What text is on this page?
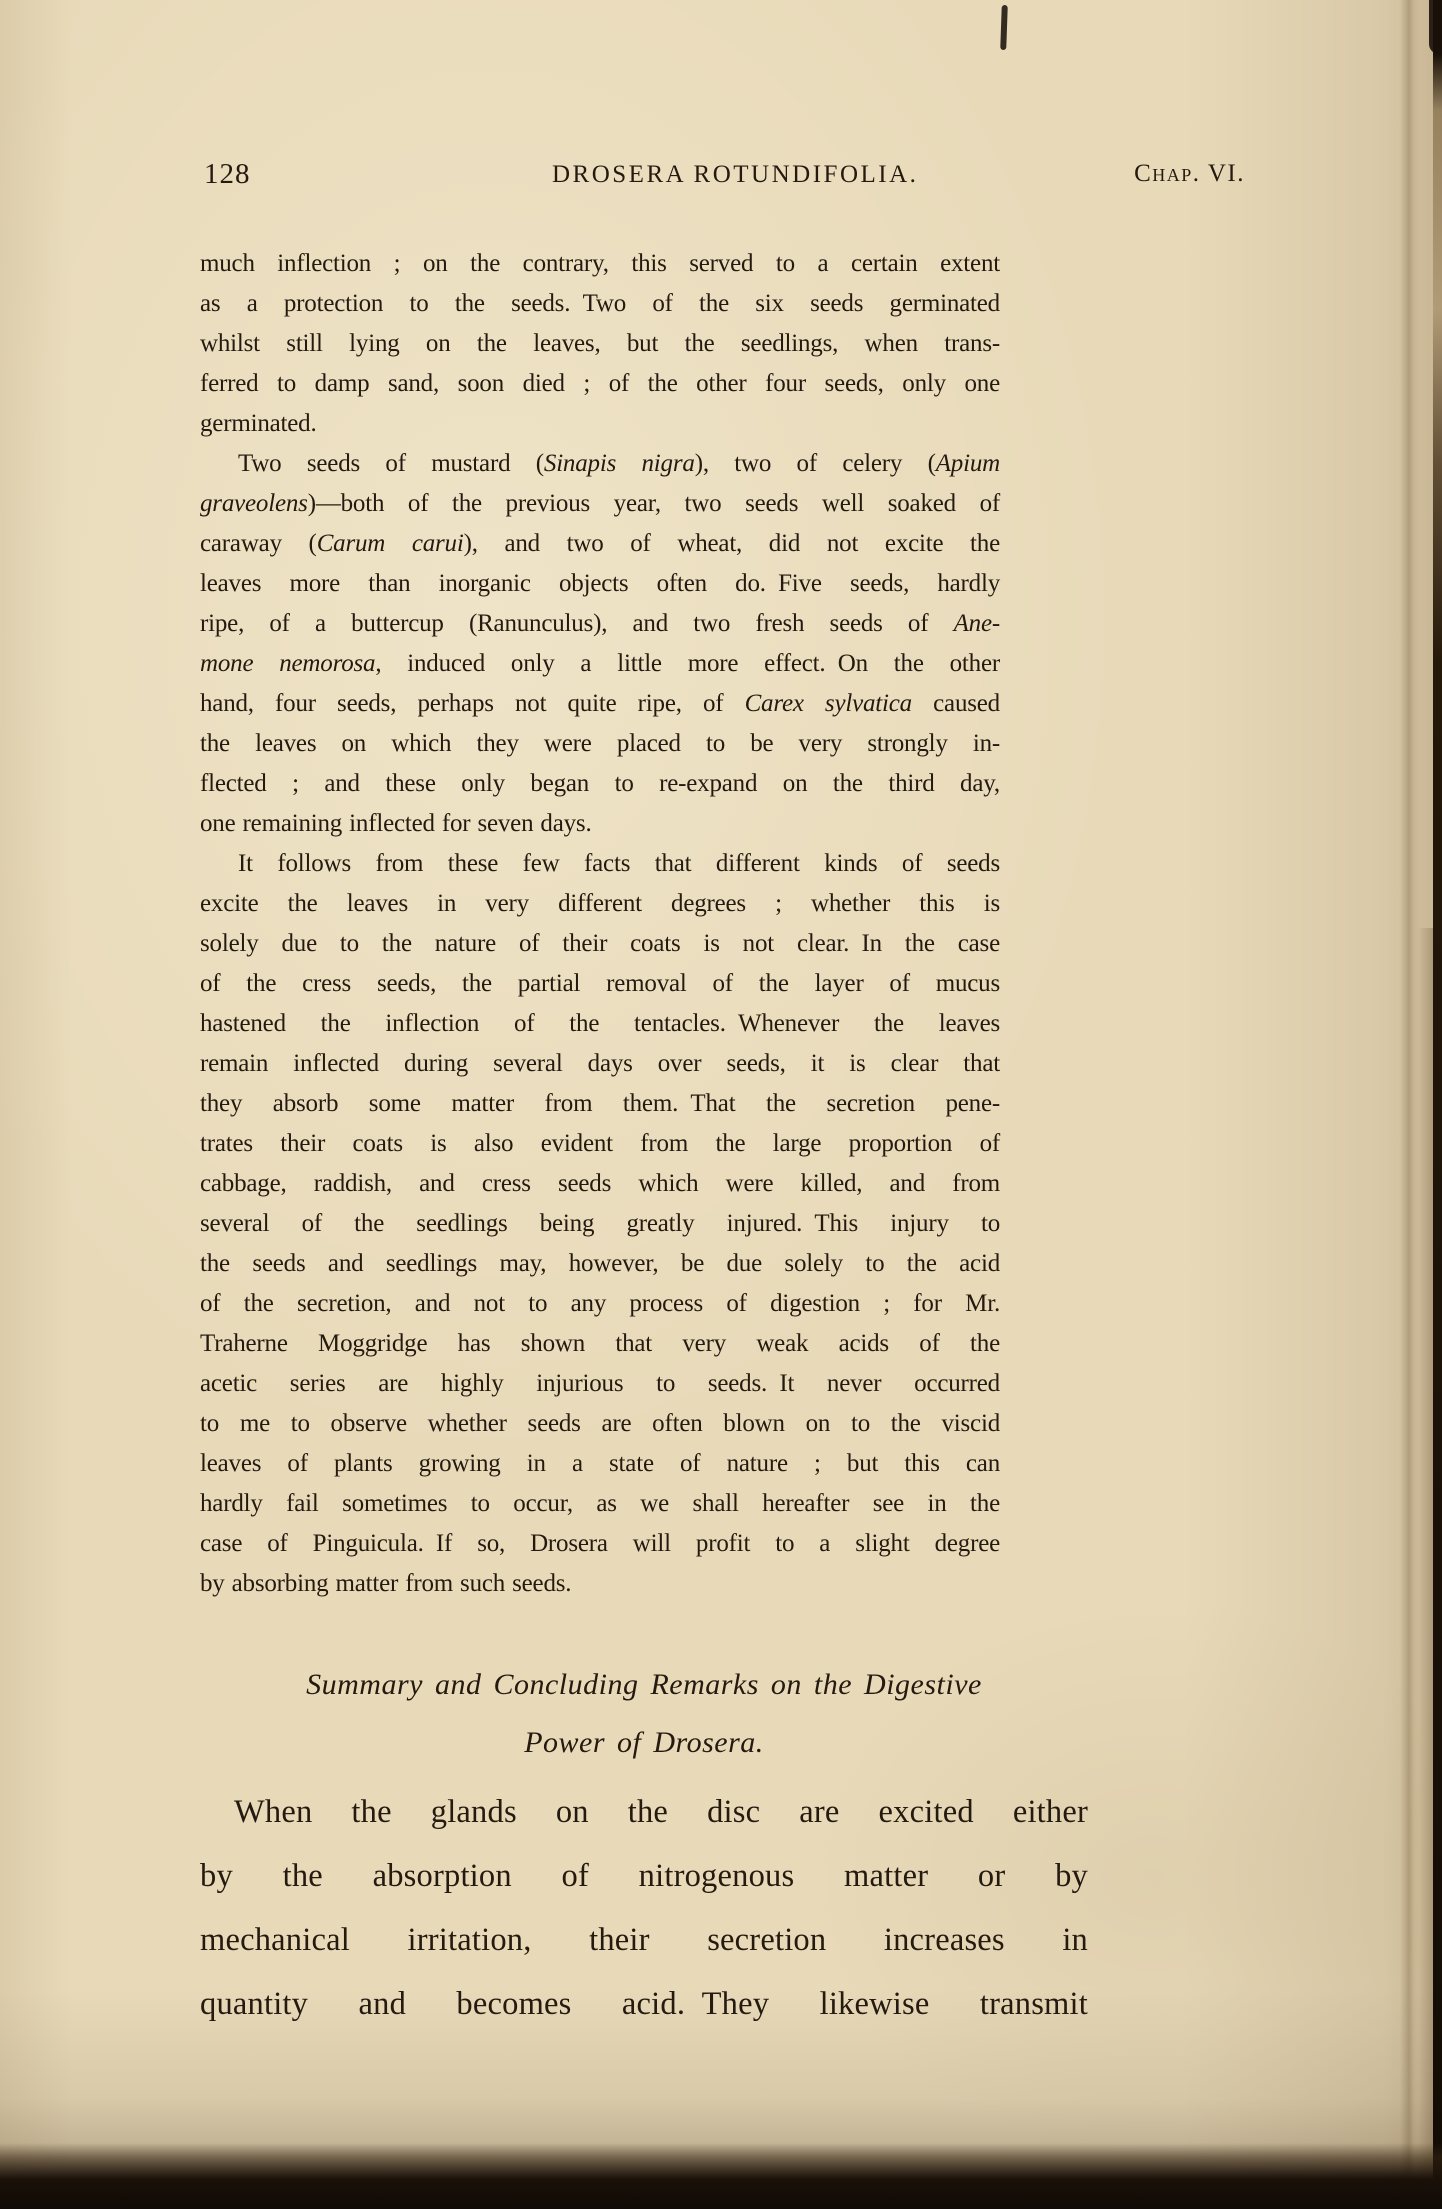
128	DROSERA ROTUNDIFOLIA.	Chap. VI.
much inflection ; on the contrary, this served to a certain extent
as a protection to the seeds. Two of the six seeds germinated
whilst still lying on the leaves, but the seedlings, when trans-
ferred to damp sand, soon died ; of the other four seeds, only one
germinated.
Two seeds of mustard (Sinapis nigra), two of celery (Apium
graveolens)—both of the previous year, two seeds well soaked of
caraway (Carum carui), and two of wheat, did not excite the
leaves more than inorganic objects often do. Five seeds, hardly
ripe, of a buttercup (Ranunculus), and two fresh seeds of Ane-
mone nemorosa, induced only a little more effect. On the other
hand, four seeds, perhaps not quite ripe, of Carex sylvatica caused
the leaves on which they were placed to be very strongly in-
flected ; and these only began to re-expand on the third day,
one remaining inflected for seven days.
It follows from these few facts that different kinds of seeds
excite the leaves in very different degrees ; whether this is
solely due to the nature of their coats is not clear. In the case
of the cress seeds, the partial removal of the layer of mucus
hastened the inflection of the tentacles. Whenever the leaves
remain inflected during several days over seeds, it is clear that
they absorb some matter from them. That the secretion pene-
trates their coats is also evident from the large proportion of
cabbage, raddish, and cress seeds which were killed, and from
several of the seedlings being greatly injured. This injury to
the seeds and seedlings may, however, be due solely to the acid
of the secretion, and not to any process of digestion ; for Mr.
Traherne Moggridge has shown that very weak acids of the
acetic series are highly injurious to seeds. It never occurred
to me to observe whether seeds are often blown on to the viscid
leaves of plants growing in a state of nature ; but this can
hardly fail sometimes to occur, as we shall hereafter see in the
case of Pinguicula. If so, Drosera will profit to a slight degree
by absorbing matter from such seeds.
Summary and Concluding Remarks on the Digestive
Power of Drosera.
When the glands on the disc are excited either
by the absorption of nitrogenous matter or by
mechanical irritation, their secretion increases in
quantity and becomes acid. They likewise transmit
